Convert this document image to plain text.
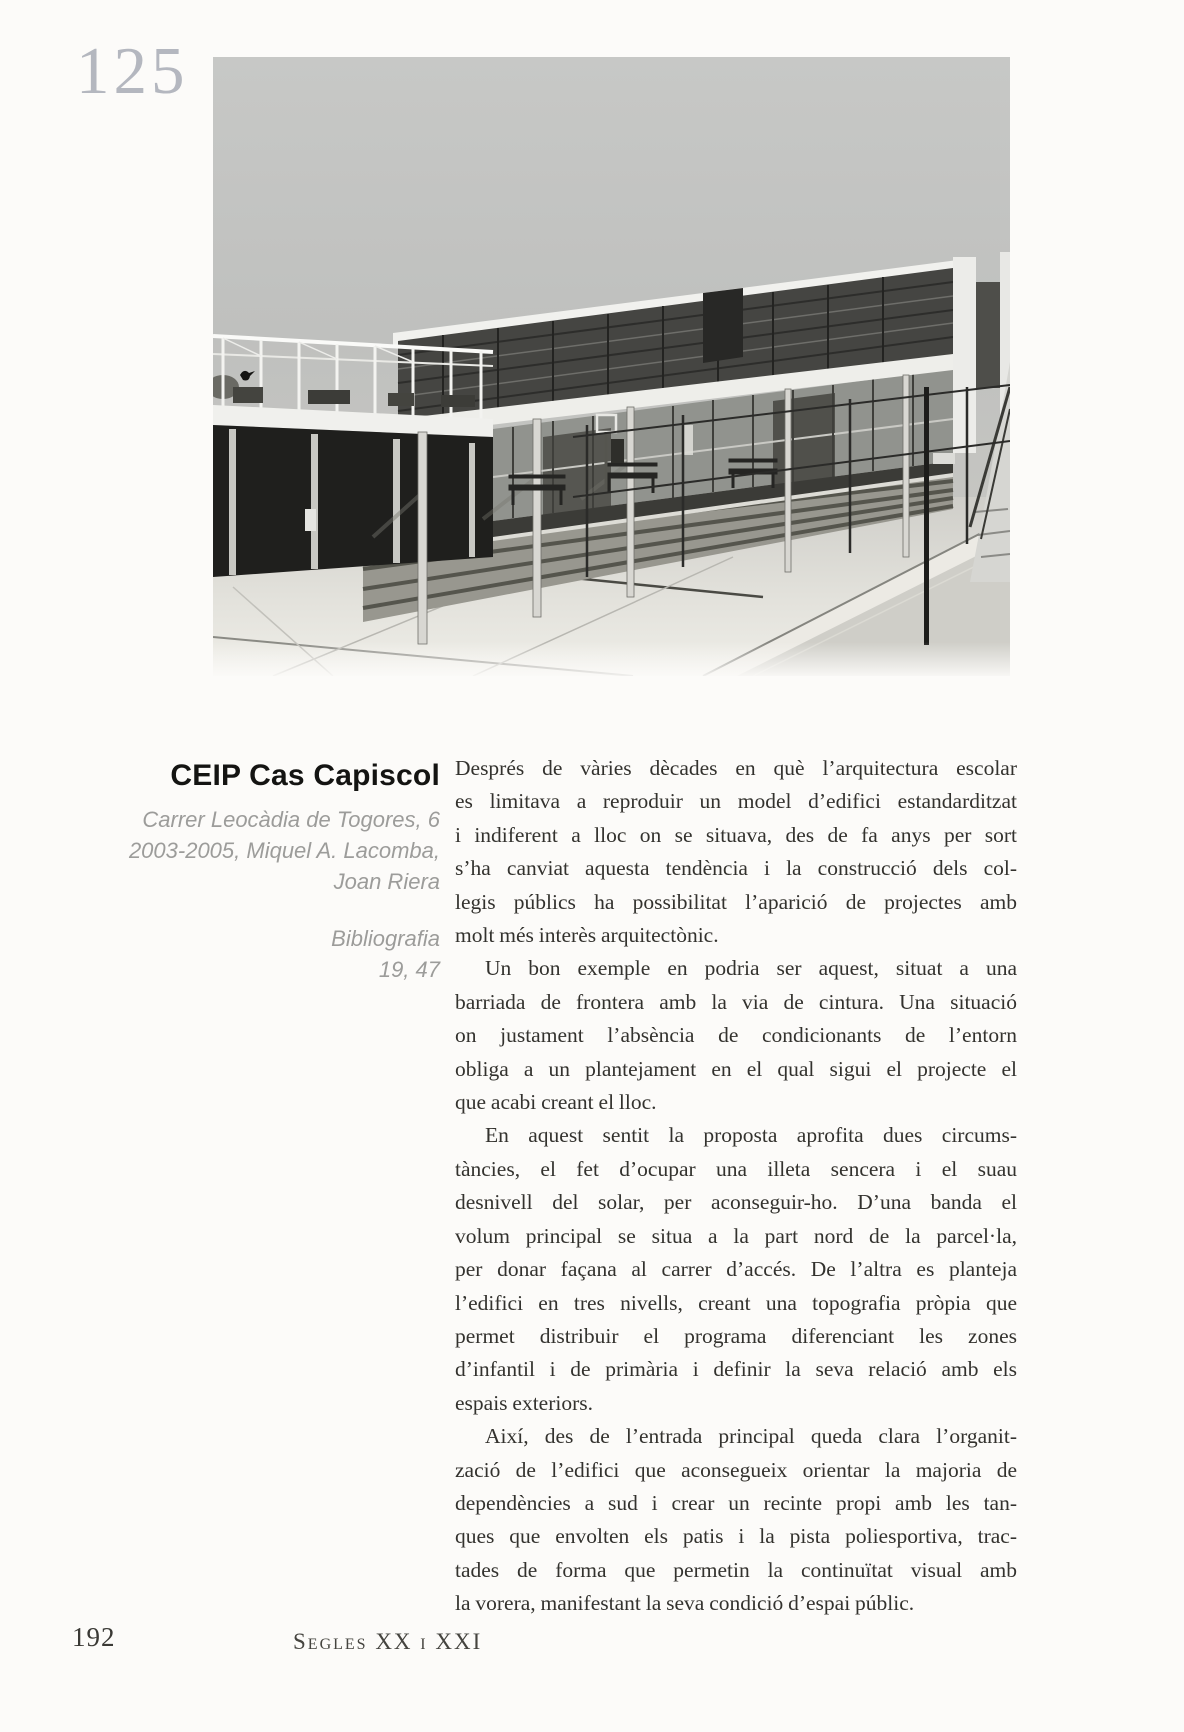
125
CEIP Cas Capiscol
Carrer Leocàdia de Togores, 6
2003-2005, Miquel A. Lacomba,
Joan Riera
Bibliografia
19, 47
Després de vàries dècades en què l’arquitectura escolar
es limitava a reproduir un model d’edifici estandarditzat
i indiferent a lloc on se situava, des de fa anys per sort
s’ha canviat aquesta tendència i la construcció dels col-
legis públics ha possibilitat l’aparició de projectes amb
molt més interès arquitectònic.
Un bon exemple en podria ser aquest, situat a una
barriada de frontera amb la via de cintura. Una situació
on justament l’absència de condicionants de l’entorn
obliga a un plantejament en el qual sigui el projecte el
que acabi creant el lloc.
En aquest sentit la proposta aprofita dues circums-
tàncies, el fet d’ocupar una illeta sencera i el suau
desnivell del solar, per aconseguir-ho. D’una banda el
volum principal se situa a la part nord de la parcel·la,
per donar façana al carrer d’accés. De l’altra es planteja
l’edifici en tres nivells, creant una topografia pròpia que
permet distribuir el programa diferenciant les zones
d’infantil i de primària i definir la seva relació amb els
espais exteriors.
Així, des de l’entrada principal queda clara l’organit-
zació de l’edifici que aconsegueix orientar la majoria de
dependències a sud i crear un recinte propi amb les tan-
ques que envolten els patis i la pista poliesportiva, trac-
tades de forma que permetin la continuïtat visual amb
la vorera, manifestant la seva condició d’espai públic.
192	Segles XX i XXI
